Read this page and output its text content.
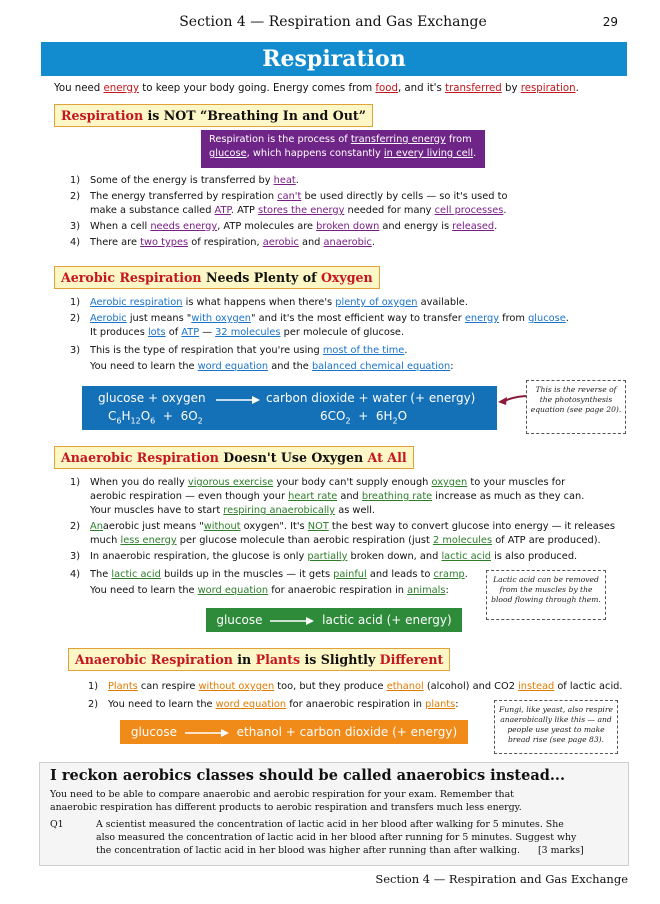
Section 4 — Respiration and Gas Exchange	29
Respiration
You need energy to keep your body going. Energy comes from food, and it's transferred by respiration.
Respiration is NOT “Breathing In and Out”
Respiration is the process of transferring energy from
glucose, which happens constantly in every living cell.
1) Some of the energy is transferred by heat.
2) The energy transferred by respiration can't be used directly by cells — so it's used to
make a substance called ATP. ATP stores the energy needed for many cell processes.
3) When a cell needs energy, ATP molecules are broken down and energy is released.
4) There are two types of respiration, aerobic and anaerobic.
Aerobic Respiration Needs Plenty of Oxygen
1) Aerobic respiration is what happens when there's plenty of oxygen available.
2) Aerobic just means "with oxygen" and it's the most efficient way to transfer energy from glucose.
It produces lots of ATP — 32 molecules per molecule of glucose.
3) This is the type of respiration that you're using most of the time.
You need to learn the word equation and the balanced chemical equation:
glucose + oxygen	carbon dioxide + water (+ energy)
$C_6H_{12}O_6 + 6O_2$	$6CO_2 + 6H_2O$
This is the reverse of the photosynthesis equation (see page 20).
Anaerobic Respiration Doesn't Use Oxygen At All
1) When you do really vigorous exercise your body can't supply enough oxygen to your muscles for
aerobic respiration — even though your heart rate and breathing rate increase as much as they can.
Your muscles have to start respiring anaerobically as well.
2) Anaerobic just means "without oxygen". It's NOT the best way to convert glucose into energy — it releases
much less energy per glucose molecule than aerobic respiration (just 2 molecules of ATP are produced).
3) In anaerobic respiration, the glucose is only partially broken down, and lactic acid is also produced.
4) The lactic acid builds up in the muscles — it gets painful and leads to cramp.
You need to learn the word equation for anaerobic respiration in animals:
Lactic acid can be removed from the muscles by the blood flowing through them.
glucose	lactic acid (+ energy)
Anaerobic Respiration in Plants is Slightly Different
1) Plants can respire without oxygen too, but they produce ethanol (alcohol) and CO2 instead of lactic acid.
2) You need to learn the word equation for anaerobic respiration in plants:
glucose	ethanol + carbon dioxide (+ energy)
Fungi, like yeast, also respire anaerobically like this — and people use yeast to make bread rise (see page 83).
I reckon aerobics classes should be called anaerobics instead...
You need to be able to compare anaerobic and aerobic respiration for your exam. Remember that
anaerobic respiration has different products to aerobic respiration and transfers much less energy.
Q1	A scientist measured the concentration of lactic acid in her blood after walking for 5 minutes. She
also measured the concentration of lactic acid in her blood after running for 5 minutes. Suggest why
the concentration of lactic acid in her blood was higher after running than after walking. [3 marks]
Section 4 — Respiration and Gas Exchange
